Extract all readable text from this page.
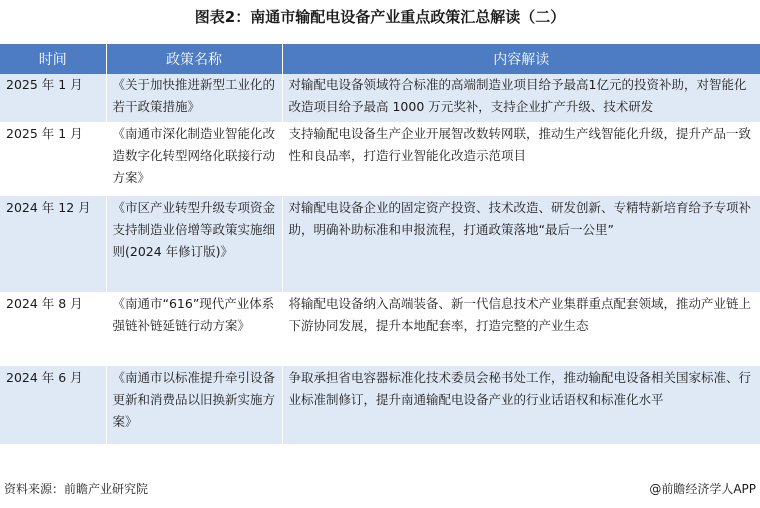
图表2：南通市输配电设备产业重点政策汇总解读（二）
时间	政策名称	内容解读
2025 年 1 月	《关于加快推进新型工业化的若干政策措施》	对输配电设备领域符合标准的高端制造业项目给予最高1亿元的投资补助，对智能化改造项目给予最高 1000 万元奖补，支持企业扩产升级、技术研发
2025 年 1 月	《南通市深化制造业智能化改造数字化转型网络化联接行动方案》	支持输配电设备生产企业开展智改数转网联，推动生产线智能化升级，提升产品一致性和良品率，打造行业智能化改造示范项目
2024 年 12 月	《市区产业转型升级专项资金支持制造业倍增等政策实施细则(2024 年修订版)》	对输配电设备企业的固定资产投资、技术改造、研发创新、专精特新培育给予专项补助，明确补助标准和申报流程，打通政策落地“最后一公里”
2024 年 8 月	《南通市“616”现代产业体系强链补链延链行动方案》	将输配电设备纳入高端装备、新一代信息技术产业集群重点配套领域，推动产业链上下游协同发展，提升本地配套率，打造完整的产业生态
2024 年 6 月	《南通市以标准提升牵引设备更新和消费品以旧换新实施方案》	争取承担省电容器标准化技术委员会秘书处工作，推动输配电设备相关国家标准、行业标准制修订，提升南通输配电设备产业的行业话语权和标准化水平
资料来源：前瞻产业研究院	@前瞻经济学人APP
